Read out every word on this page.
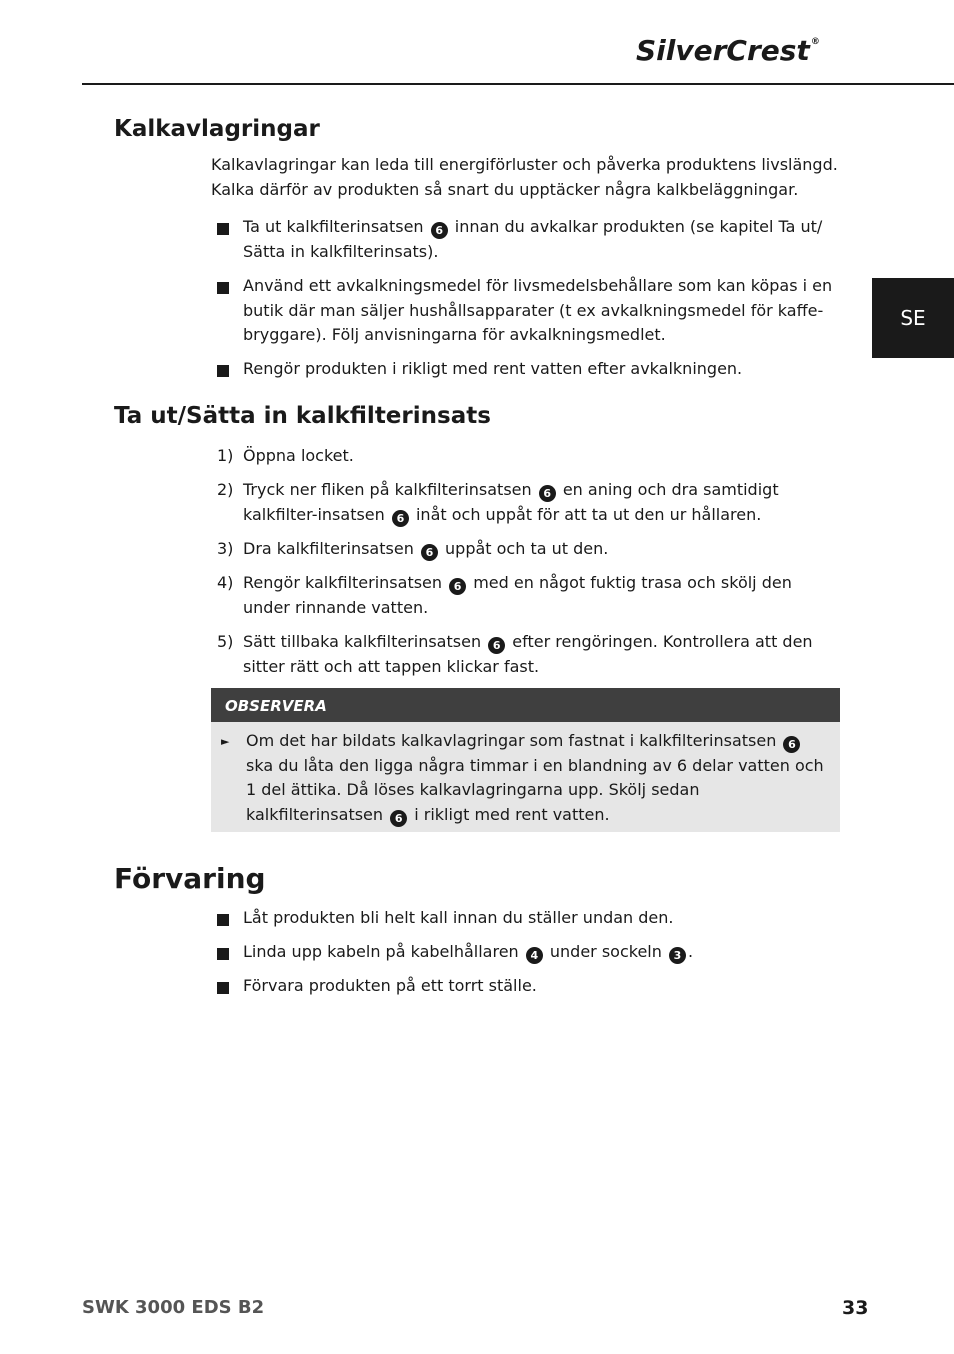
SilverCrest®
SE
Kalkavlagringar

Kalkavlagringar kan leda till energiförluster och påverka produktens livslängd.
Kalka därför av produkten så snart du upptäcker några kalkbeläggningar.

Ta ut kalkfilterinsatsen 6 innan du avkalkar produkten (se kapitel Ta ut/ Sätta in kalkfilterinsats).
Använd ett avkalkningsmedel för livsmedelsbehållare som kan köpas i en butik där man säljer hushållsapparater (t ex avkalkningsmedel för kaffebryggare). Följ anvisningarna för avkalkningsmedlet.
Rengör produkten i rikligt med rent vatten efter avkalkningen.
Ta ut/Sätta in kalkfilterinsats
1) Öppna locket.
2) Tryck ner fliken på kalkfilterinsatsen 6 en aning och dra samtidigt kalkfilter-insatsen 6 inåt och uppåt för att ta ut den ur hållaren.
3) Dra kalkfilterinsatsen 6 uppåt och ta ut den.
4) Rengör kalkfilterinsatsen 6 med en något fuktig trasa och skölj den under rinnande vatten.
5) Sätt tillbaka kalkfilterinsatsen 6 efter rengöringen. Kontrollera att den sitter rätt och att tappen klickar fast.
OBSERVERA
► Om det har bildats kalkavlagringar som fastnat i kalkfilterinsatsen 6 ska du låta den ligga några timmar i en blandning av 6 delar vatten och 1 del ättika. Då löses kalkavlagringarna upp. Skölj sedan kalkfilterinsatsen 6 i rikligt med rent vatten.
Förvaring
Låt produkten bli helt kall innan du ställer undan den.
Linda upp kabeln på kabelhållaren 4 under sockeln 3 .
Förvara produkten på ett torrt ställe.
SWK 3000 EDS B2	33
